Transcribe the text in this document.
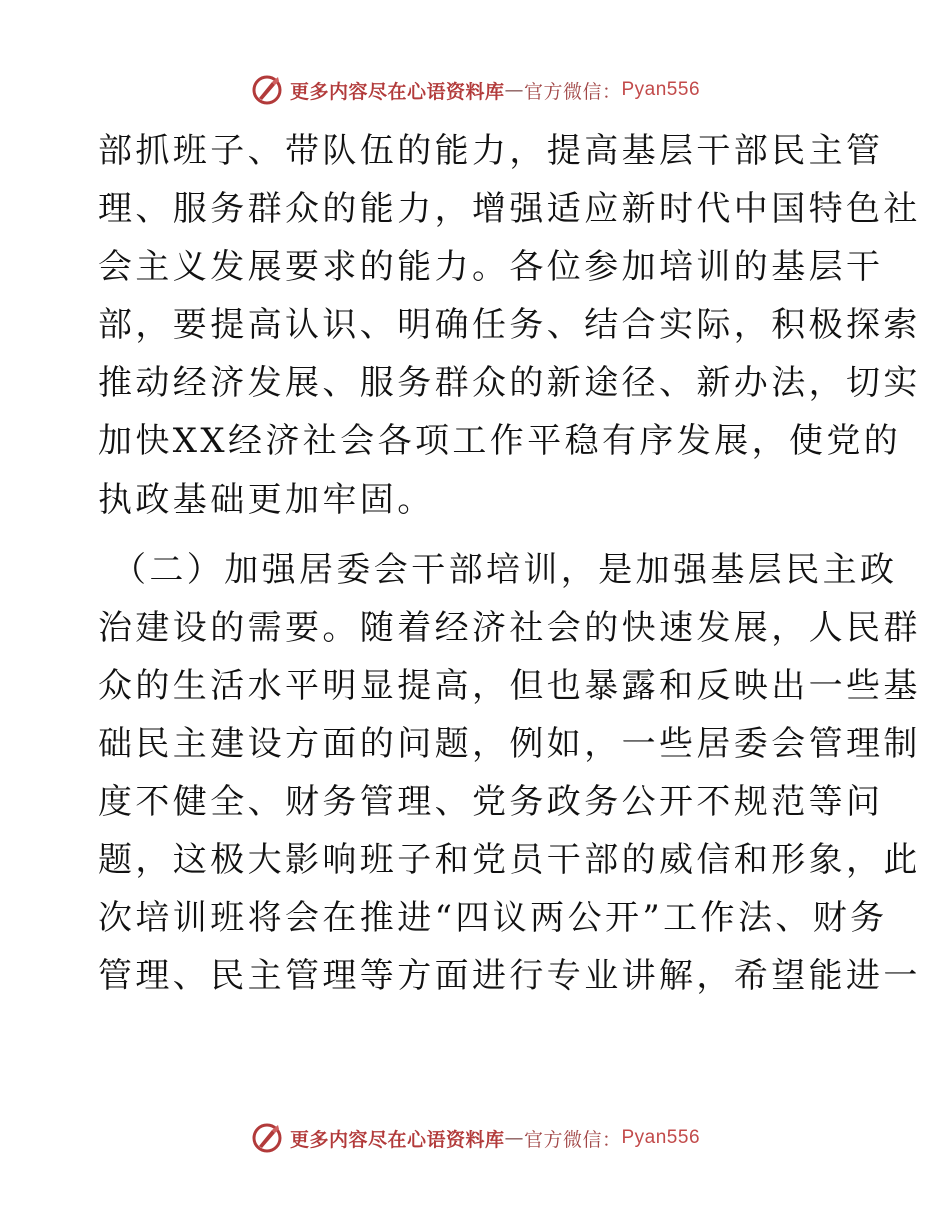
更多内容尽在心语资料库 — 官方微信： Pyan556
部抓班子、带队伍的能力，提高基层干部民主管
理、服务群众的能力，增强适应新时代中国特色社
会主义发展要求的能力。各位参加培训的基层干
部，要提高认识、明确任务、结合实际，积极探索
推动经济发展、服务群众的新途径、新办法，切实
加快XX经济社会各项工作平稳有序发展，使党的
执政基础更加牢固。
（二）加强居委会干部培训，是加强基层民主政
治建设的需要。随着经济社会的快速发展，人民群
众的生活水平明显提高，但也暴露和反映出一些基
础民主建设方面的问题，例如，一些居委会管理制
度不健全、财务管理、党务政务公开不规范等问
题，这极大影响班子和党员干部的威信和形象，此
次培训班将会在推进“四议两公开”工作法、财务
管理、民主管理等方面进行专业讲解，希望能进一
更多内容尽在心语资料库 — 官方微信： Pyan556
